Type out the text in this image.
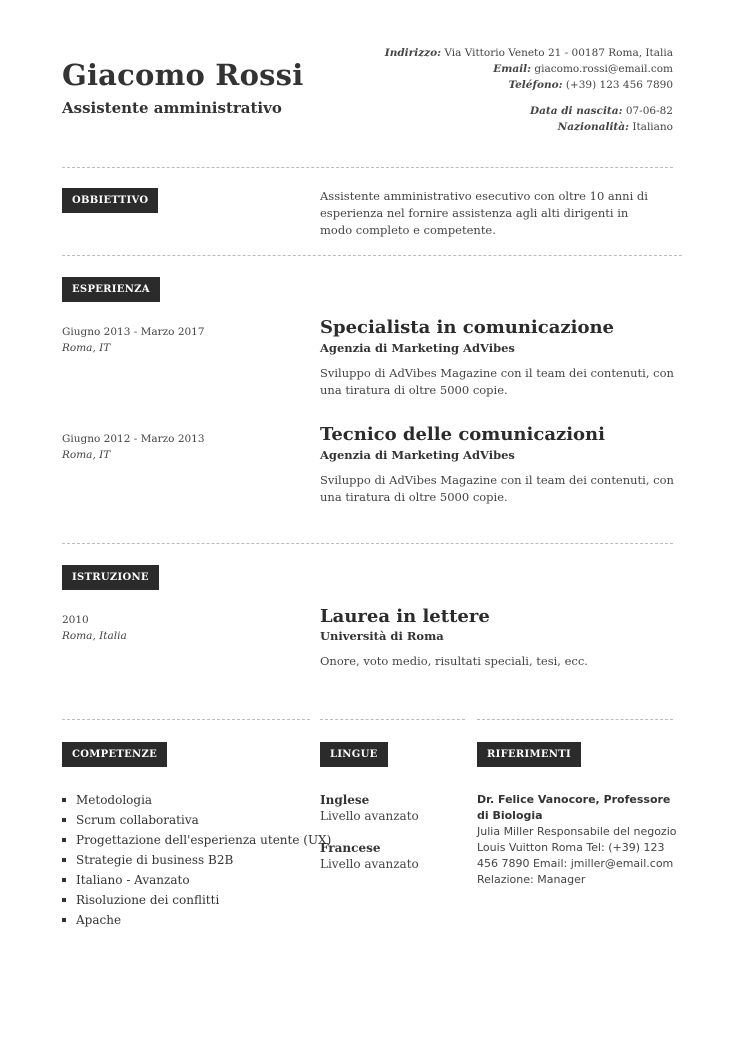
Giacomo Rossi
Assistente amministrativo
Indirizzo: Via Vittorio Veneto 21 - 00187 Roma, Italia
Email: giacomo.rossi@email.com
Teléfono: (+39) 123 456 7890
Data di nascita: 07-06-82
Nazionalità: Italiano
OBBIETTIVO	Assistente amministrativo esecutivo con oltre 10 anni di esperienza nel fornire assistenza agli alti dirigenti in modo completo e competente.
ESPERIENZA
Giugno 2013 - Marzo 2017
Roma, IT
Specialista in comunicazione
Agenzia di Marketing AdVibes
Sviluppo di AdVibes Magazine con il team dei contenuti, con una tiratura di oltre 5000 copie.
Giugno 2012 - Marzo 2013
Roma, IT
Tecnico delle comunicazioni
Agenzia di Marketing AdVibes
Sviluppo di AdVibes Magazine con il team dei contenuti, con una tiratura di oltre 5000 copie.
ISTRUZIONE
2010
Roma, Italia
Laurea in lettere
Università di Roma
Onore, voto medio, risultati speciali, tesi, ecc.
COMPETENZE
Metodologia
Scrum collaborativa
Progettazione dell'esperienza utente (UX)
Strategie di business B2B
Italiano - Avanzato
Risoluzione dei conflitti
Apache
LINGUE
Inglese
Livello avanzato
Francese
Livello avanzato
RIFERIMENTI
Dr. Felice Vanocore, Professore di Biologia
Julia Miller Responsabile del negozio Louis Vuitton Roma Tel: (+39) 123 456 7890 Email: jmiller@email.com Relazione: Manager
